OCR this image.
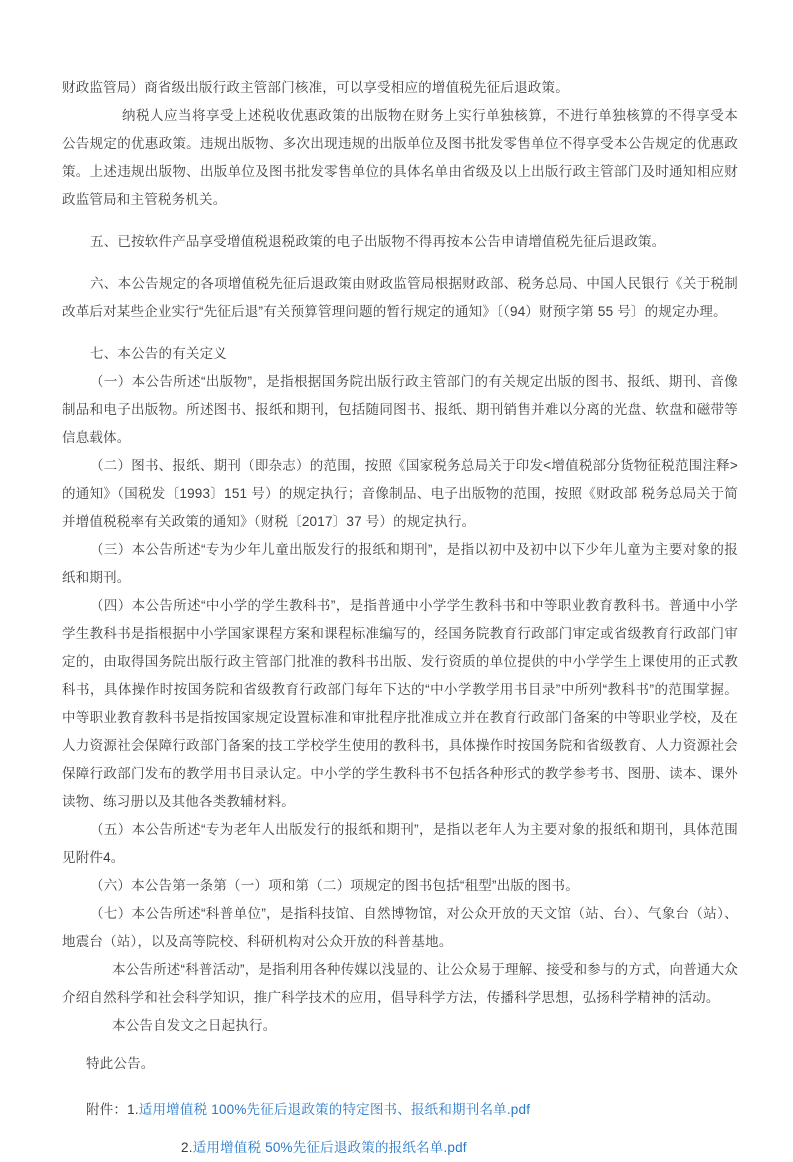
财政监管局）商省级出版行政主管部门核准，可以享受相应的增值税先征后退政策。

纳税人应当将享受上述税收优惠政策的出版物在财务上实行单独核算，不进行单独核算的不得享受本公告规定的优惠政策。违规出版物、多次出现违规的出版单位及图书批发零售单位不得享受本公告规定的优惠政策。上述违规出版物、出版单位及图书批发零售单位的具体名单由省级及以上出版行政主管部门及时通知相应财政监管局和主管税务机关。

五、已按软件产品享受增值税退税政策的电子出版物不得再按本公告申请增值税先征后退政策。

六、本公告规定的各项增值税先征后退政策由财政监管局根据财政部、税务总局、中国人民银行《关于税制改革后对某些企业实行“先征后退”有关预算管理问题的暂行规定的通知》〔（94）财预字第 55 号〕的规定办理。

七、本公告的有关定义

（一）本公告所述“出版物”，是指根据国务院出版行政主管部门的有关规定出版的图书、报纸、期刊、音像制品和电子出版物。所述图书、报纸和期刊，包括随同图书、报纸、期刊销售并难以分离的光盘、软盘和磁带等信息载体。

（二）图书、报纸、期刊（即杂志）的范围，按照《国家税务总局关于印发<增值税部分货物征税范围注释>的通知》（国税发〔1993〕151 号）的规定执行；音像制品、电子出版物的范围，按照《财政部 税务总局关于简并增值税税率有关政策的通知》（财税〔2017〕37 号）的规定执行。

（三）本公告所述“专为少年儿童出版发行的报纸和期刊”，是指以初中及初中以下少年儿童为主要对象的报纸和期刊。

（四）本公告所述“中小学的学生教科书”，是指普通中小学学生教科书和中等职业教育教科书。普通中小学学生教科书是指根据中小学国家课程方案和课程标准编写的，经国务院教育行政部门审定或省级教育行政部门审定的，由取得国务院出版行政主管部门批准的教科书出版、发行资质的单位提供的中小学学生上课使用的正式教科书，具体操作时按国务院和省级教育行政部门每年下达的“中小学教学用书目录”中所列“教科书”的范围掌握。中等职业教育教科书是指按国家规定设置标准和审批程序批准成立并在教育行政部门备案的中等职业学校，及在人力资源社会保障行政部门备案的技工学校学生使用的教科书，具体操作时按国务院和省级教育、人力资源社会保障行政部门发布的教学用书目录认定。中小学的学生教科书不包括各种形式的教学参考书、图册、读本、课外读物、练习册以及其他各类教辅材料。

（五）本公告所述“专为老年人出版发行的报纸和期刊”，是指以老年人为主要对象的报纸和期刊，具体范围见附件4。

（六）本公告第一条第（一）项和第（二）项规定的图书包括“租型”出版的图书。

（七）本公告所述“科普单位”，是指科技馆、自然博物馆，对公众开放的天文馆（站、台）、气象台（站）、地震台（站），以及高等院校、科研机构对公众开放的科普基地。

本公告所述“科普活动”，是指利用各种传媒以浅显的、让公众易于理解、接受和参与的方式，向普通大众介绍自然科学和社会科学知识，推广科学技术的应用，倡导科学方法，传播科学思想，弘扬科学精神的活动。

本公告自发文之日起执行。

特此公告。

附件：1.适用增值税 100%先征后退政策的特定图书、报纸和期刊名单.pdf

2.适用增值税 50%先征后退政策的报纸名单.pdf
